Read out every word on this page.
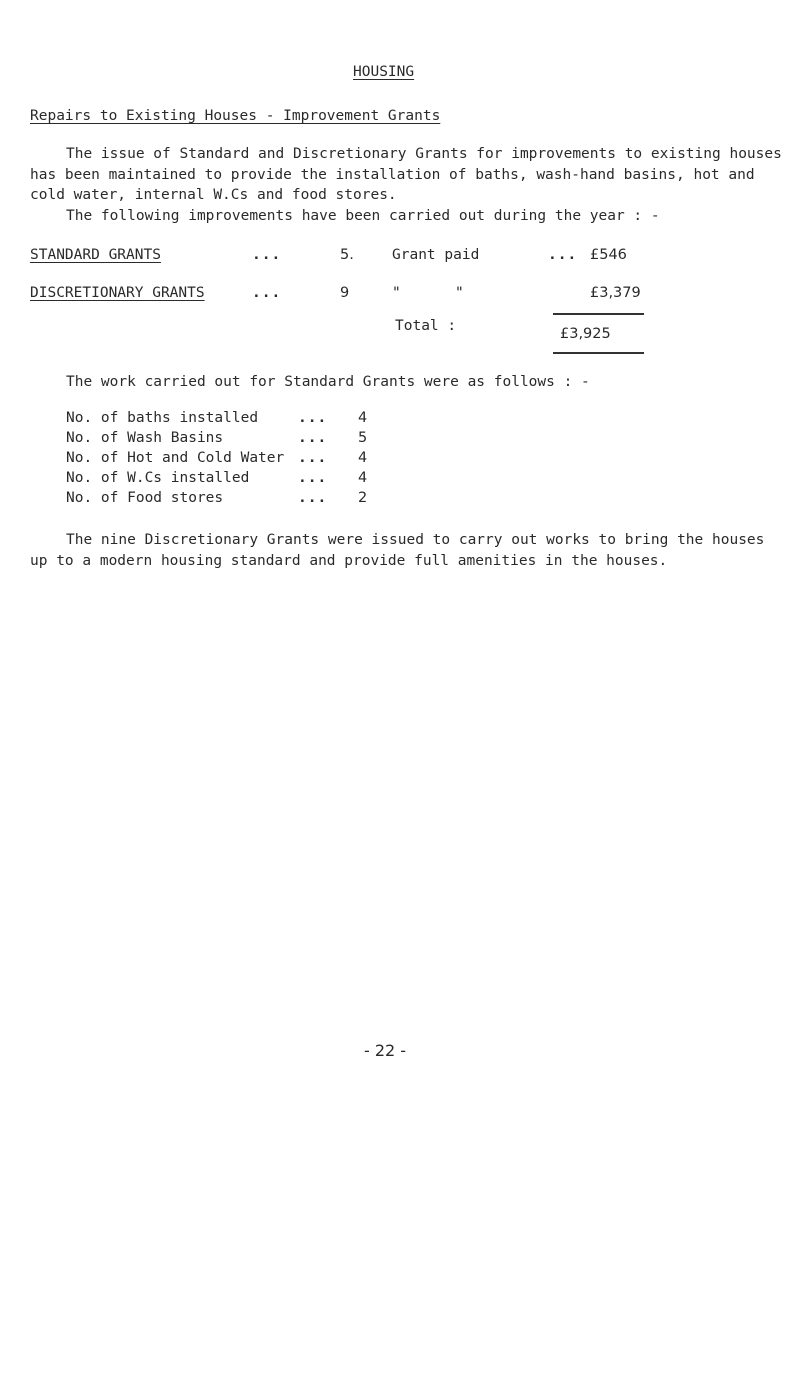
HOUSING
Repairs to Existing Houses - Improvement Grants
The issue of Standard and Discretionary Grants for improvements to existing houses has been maintained to provide the installation of baths, wash-hand basins, hot and cold water, internal W.Cs and food stores.
The following improvements have been carried out during the year : -
STANDARD GRANTS	...	5.	Grant paid	... £546
DISCRETIONARY GRANTS	...	9	"	"	£3,379
Total :	£3,925
The work carried out for Standard Grants were as follows : -
No. of baths installed	... 4
No. of Wash Basins	... 5
No. of Hot and Cold Water ... 4
No. of W.Cs installed	... 4
No. of Food stores	... 2
The nine Discretionary Grants were issued to carry out works to bring the houses up to a modern housing standard and provide full amenities in the houses.
- 22 -
